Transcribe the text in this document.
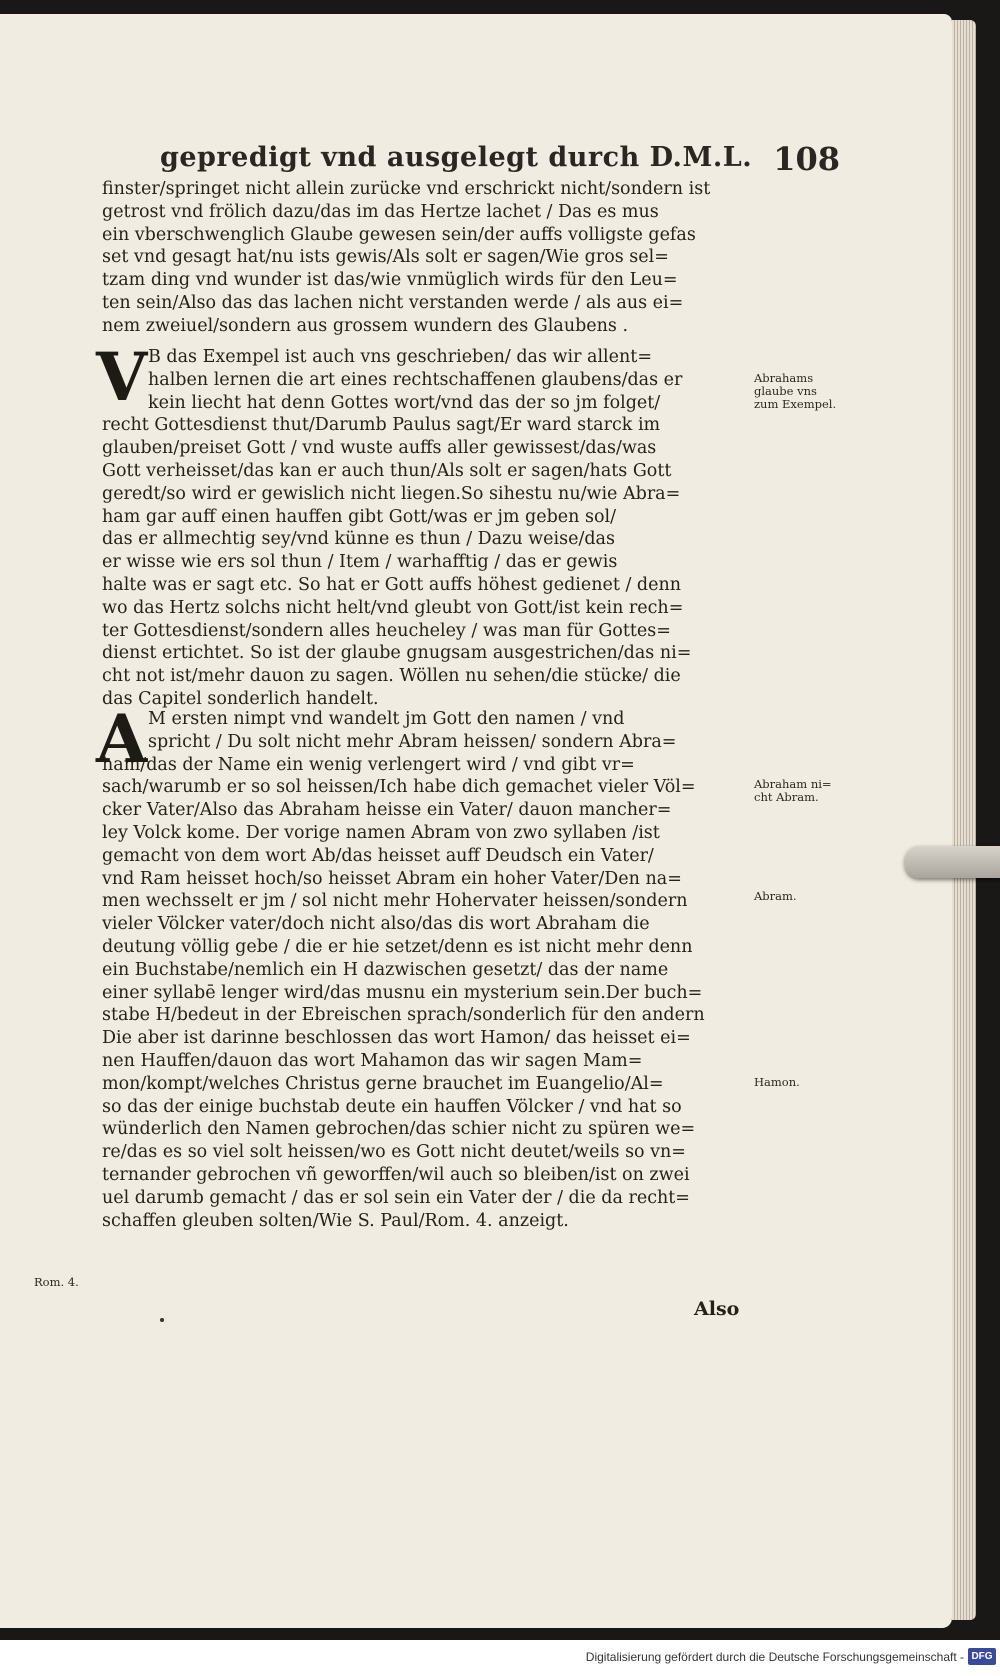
gepredigt vnd ausgelegt durch D.M.L. 108
finster/springet nicht allein zurücke vnd erschrickt nicht/sondern ist
getrost vnd frölich dazu/das im das Hertze lachet / Das es mus
ein vberschwenglich Glaube gewesen sein/der auffs volligste gefas
set vnd gesagt hat/nu ists gewis/Als solt er sagen/Wie gros sel=
tzam ding vnd wunder ist das/wie vnmüglich wirds für den Leu=
ten sein/Also das das lachen nicht verstanden werde / als aus ei=
nem zweiuel/sondern aus grossem wundern des Glaubens .
V B das Exempel ist auch vns geschrieben/ das wir allent=
halben lernen die art eines rechtschaffenen glaubens/das er
kein liecht hat denn Gottes wort/vnd das der so jm folget/
recht Gottesdienst thut/Darumb Paulus sagt/Er ward starck im
glauben/preiset Gott / vnd wuste auffs aller gewissest/das/was
Gott verheisset/das kan er auch thun/Als solt er sagen/hats Gott
geredt/so wird er gewislich nicht liegen.So sihestu nu/wie Abra=
ham gar auff einen hauffen gibt Gott/was er jm geben sol/
das er allmechtig sey/vnd künne es thun / Dazu weise/das
er wisse wie ers sol thun / Item / warhafftig / das er gewis
halte was er sagt etc. So hat er Gott auffs höhest gedienet / denn
wo das Hertz solchs nicht helt/vnd gleubt von Gott/ist kein rech=
ter Gottesdienst/sondern alles heucheley / was man für Gottes=
dienst ertichtet. So ist der glaube gnugsam ausgestrichen/das ni=
cht not ist/mehr dauon zu sagen. Wöllen nu sehen/die stücke/ die
das Capitel sonderlich handelt.
A M ersten nimpt vnd wandelt jm Gott den namen / vnd
spricht / Du solt nicht mehr Abram heissen/ sondern Abra=
ham/das der Name ein wenig verlengert wird / vnd gibt vr=
sach/warumb er so sol heissen/Ich habe dich gemachet vieler Völ=
cker Vater/Also das Abraham heisse ein Vater/ dauon mancher=
ley Volck kome. Der vorige namen Abram von zwo syllaben /ist
gemacht von dem wort Ab/das heisset auff Deudsch ein Vater/
vnd Ram heisset hoch/so heisset Abram ein hoher Vater/Den na=
men wechsselt er jm / sol nicht mehr Hohervater heissen/sondern
vieler Völcker vater/doch nicht also/das dis wort Abraham die
deutung völlig gebe / die er hie setzet/denn es ist nicht mehr denn
ein Buchstabe/nemlich ein H dazwischen gesetzt/ das der name
einer syllabē lenger wird/das musnu ein mysterium sein.Der buch=
stabe H/bedeut in der Ebreischen sprach/sonderlich für den andern
Die aber ist darinne beschlossen das wort Hamon/ das heisset ei=
nen Hauffen/dauon das wort Mahamon das wir sagen Mam=
mon/kompt/welches Christus gerne brauchet im Euangelio/Al=
so das der einige buchstab deute ein hauffen Völcker / vnd hat so
wünderlich den Namen gebrochen/das schier nicht zu spüren we=
re/das es so viel solt heissen/wo es Gott nicht deutet/weils so vn=
ternander gebrochen vñ geworffen/wil auch so bleiben/ist on zwei
uel darumb gemacht / das er sol sein ein Vater der / die da recht=
schaffen gleuben solten/Wie S. Paul/Rom. 4. anzeigt.
Abrahams
glaube vns
zum Exempel.
Abraham ni=
cht Abram.
Abram.
Hamon.
Rom. 4.
Also
Digitalisierung gefördert durch die Deutsche Forschungsgemeinschaft - DFG
